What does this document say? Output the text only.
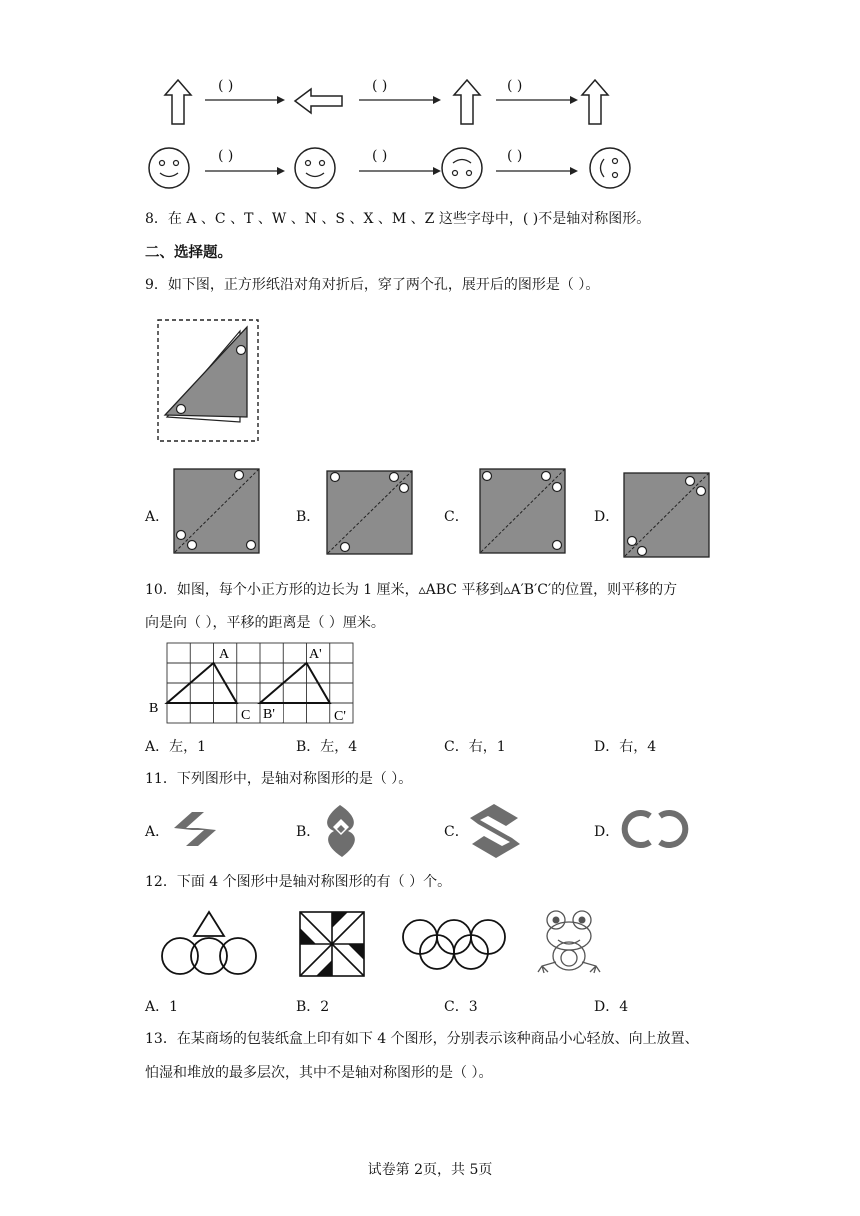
( )	( )	( )
( )	( )	( )
8．在 A 、C 、T 、W 、N 、S 、X 、M 、Z 这些字母中，( )不是轴对称图形。
二、选择题。
9．如下图，正方形纸沿对角对折后，穿了两个孔，展开后的图形是（ ）。
A．	B．	C．	D．
10．如图，每个小正方形的边长为 1 厘米，▵ABC 平移到▵A′B′C′的位置，则平移的方
向是向（ ），平移的距离是（ ）厘米。
A
B	C
A'
B'	C'
A．左，1	B．左，4	C．右，1	D．右，4
11．下列图形中，是轴对称图形的是（ ）。
A．	B．	C．	D．
12．下面 4 个图形中是轴对称图形的有（ ）个。
A．1	B．2	C．3	D．4
13．在某商场的包装纸盒上印有如下 4 个图形，分别表示该种商品小心轻放、向上放置、
怕湿和堆放的最多层次，其中不是轴对称图形的是（ ）。
试卷第 2页，共 5页
